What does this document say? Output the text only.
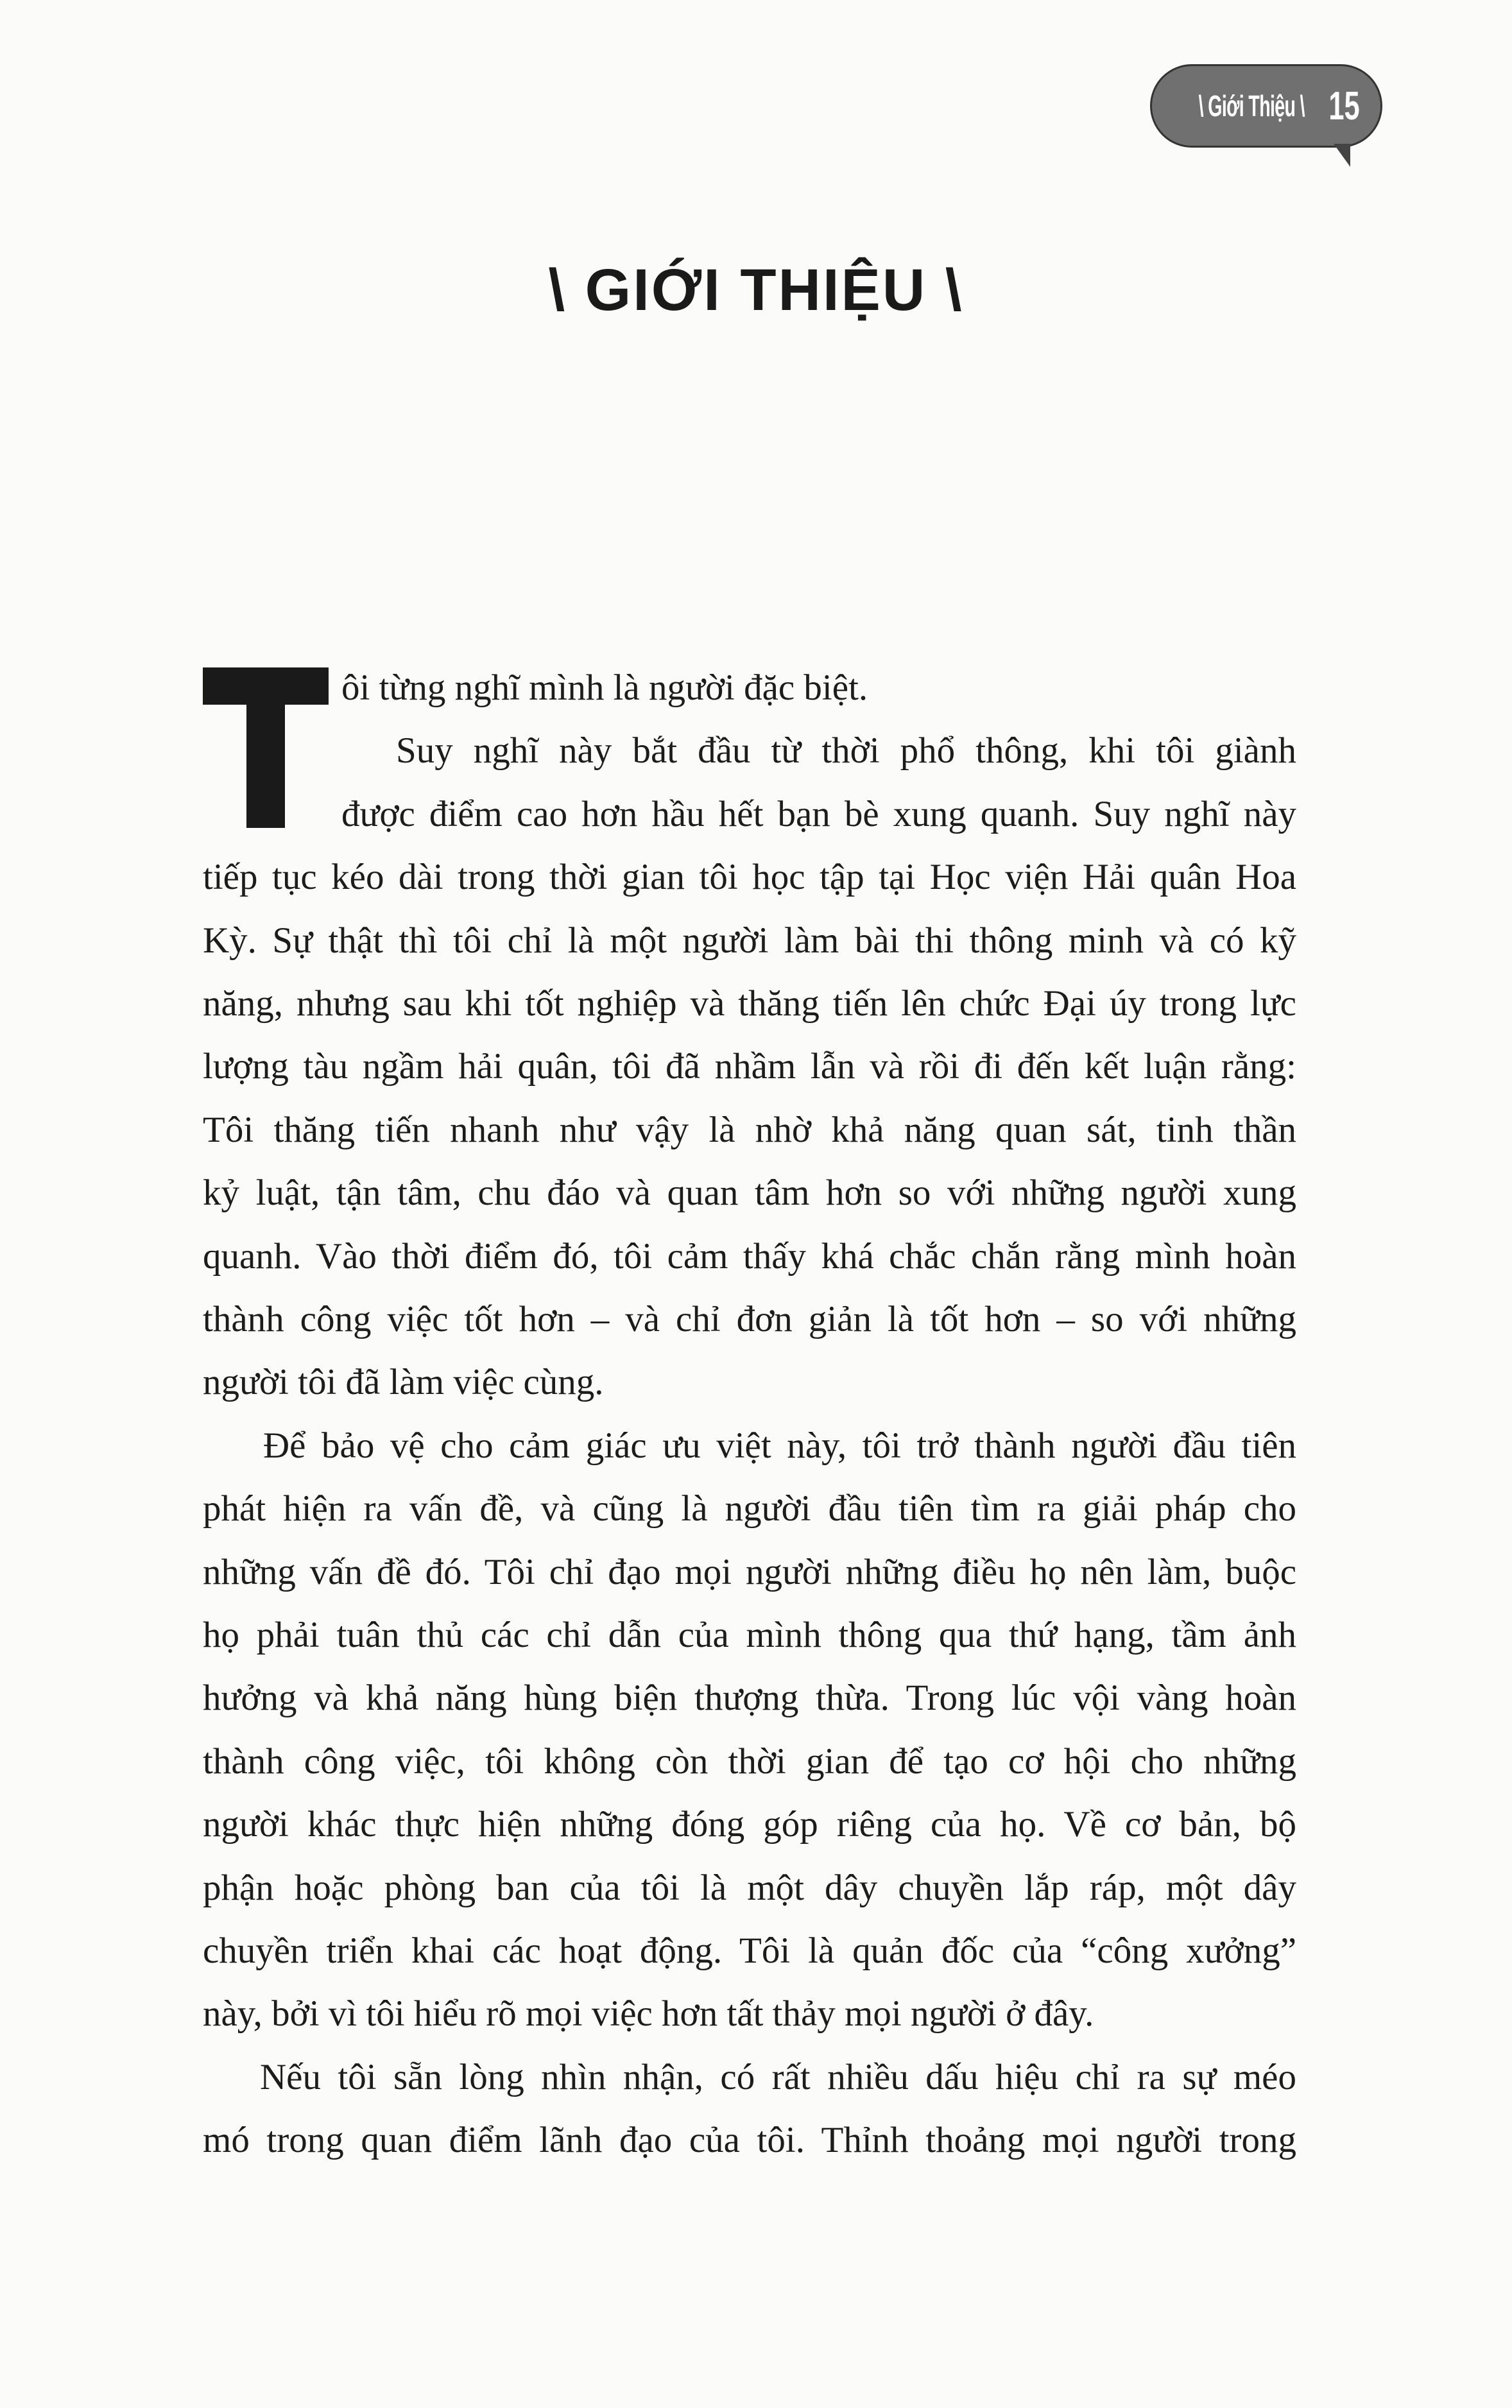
\ Giới Thiệu \ 15
\ GIỚI THIỆU \
ôi từng nghĩ mình là người đặc biệt.
Suy nghĩ này bắt đầu từ thời phổ thông, khi tôi giành
được điểm cao hơn hầu hết bạn bè xung quanh. Suy nghĩ này
tiếp tục kéo dài trong thời gian tôi học tập tại Học viện Hải quân Hoa
Kỳ. Sự thật thì tôi chỉ là một người làm bài thi thông minh và có kỹ
năng, nhưng sau khi tốt nghiệp và thăng tiến lên chức Đại úy trong lực
lượng tàu ngầm hải quân, tôi đã nhầm lẫn và rồi đi đến kết luận rằng:
Tôi thăng tiến nhanh như vậy là nhờ khả năng quan sát, tinh thần
kỷ luật, tận tâm, chu đáo và quan tâm hơn so với những người xung
quanh. Vào thời điểm đó, tôi cảm thấy khá chắc chắn rằng mình hoàn
thành công việc tốt hơn – và chỉ đơn giản là tốt hơn – so với những
người tôi đã làm việc cùng.
Để bảo vệ cho cảm giác ưu việt này, tôi trở thành người đầu tiên
phát hiện ra vấn đề, và cũng là người đầu tiên tìm ra giải pháp cho
những vấn đề đó. Tôi chỉ đạo mọi người những điều họ nên làm, buộc
họ phải tuân thủ các chỉ dẫn của mình thông qua thứ hạng, tầm ảnh
hưởng và khả năng hùng biện thượng thừa. Trong lúc vội vàng hoàn
thành công việc, tôi không còn thời gian để tạo cơ hội cho những
người khác thực hiện những đóng góp riêng của họ. Về cơ bản, bộ
phận hoặc phòng ban của tôi là một dây chuyền lắp ráp, một dây
chuyền triển khai các hoạt động. Tôi là quản đốc của “công xưởng”
này, bởi vì tôi hiểu rõ mọi việc hơn tất thảy mọi người ở đây.
Nếu tôi sẵn lòng nhìn nhận, có rất nhiều dấu hiệu chỉ ra sự méo
mó trong quan điểm lãnh đạo của tôi. Thỉnh thoảng mọi người trong
